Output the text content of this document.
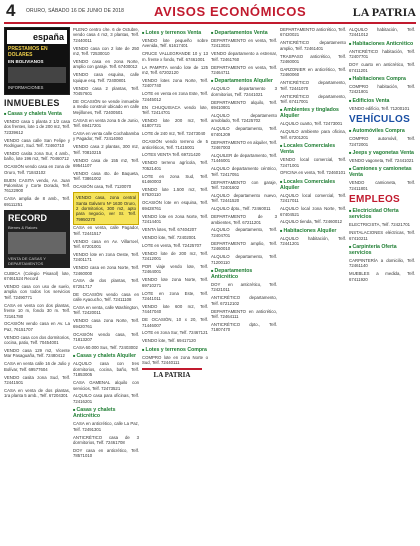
4 ORURO, SÁBADO 16 DE JUNIO DE 2018 AVISOS ECONÓMICOS	LA PATRIA
españa
PRESTAMOS EN DOLARES
EN BOLIVIANOS
INFORMACIONES
INMUEBLES
■ Casas y chalets Venta
VENDO casa 1 planta 2 1/2 casa dos frentes, lote 1 de 200 m2, Telf. 72339612
VENDO casa calle San Felipe y Rodriguez, Sud. Telf. 72460710
VENDO casita zona Sur, 4 amb., baño, lote 196 m2, Telf. 70460712
OCASIÓN vendo casa en zona de Oruro, Telf. 71843102
BUEN CASITA vendo, Av. Juan Palomitas y Corte Dorado, Telf. 76122900
CASA amplia de 8 amb., Telf. 69111251
RECORD
Bienes & Raices
VENTA DE CASAS Y DEPARTAMENTOS
CUBICA (Colegio Pisasol) lote, 67461524 Record
VENDO casa con uso de suelo, amplia con todos los servicios Telf. 72490771
CASA en venta con dos plantas, frente 10 m, fondo 30 m. Telf. 72161780
OCASIÓN vendo casa en Av. La Paz, 76151707
VENDO casa con dos dormitorios, cocina, patio, Telf. 70454001
VENDO casa 129 m2, Vicente Mar Pasaguaña, Telf. 72480412
CASA en venta calle 16 de Julio y Bolívar, Telf. 69577604
VENDO casita zona Sud, Telf. 72441501
CASA en venta de dos plantas, 1ra planta 5 amb., Telf. 67204301
PLENO centro c/Ie. 6 de Octubre, vendo casa 4 m2, 3 plantas, Telf. 72440011
VENDO casa con 2 lote de 250 m2, Telf. 72530010
VENDO casa en zona Norte, amplio con garaje. Telf. 67400012
VENDO casa esquina, calle Iquique esq. Telf. 72400801
VENDO casa 2 plantas, Telf. 70457601
DE OCASIÓN se vende inmueble a medio construir ubicado en calle Mejillones, Telf. 72400501
CASAS en venta zona 5 de Junio, Telf. 69417201
CASA en venta calle Cochabamba y Pagador, Telf. 72414060
VENDO casa 2 plantas, 300 m2, Telf. 70810215
VENDO casa de 155 m2, Telf. 69541107
VENDO casa 4to. de Baqueta, Telf. 73861002
OCASIÓN casa, Telf. 7120070
VENDO casa, zona central Santa Galvarro Nº 1630 Oruro, 2 dormitorios, 300 m2, apto para negocio, ver Sr. Telf. 79950270
CASA en venta, calle Pagador, Telf. 72441517
VENDO casa en Av. Villarroel, Telf. 67201001
VENDO lote en zona Oeste, Telf. 72401171
VENDO casa en zona Norte, Telf. 72460000
CASA de dos plantas, Telf. 67251717
DE OCASIÓN vendo casa en calle Ayacucho, Telf. 72411108
CASA en venta, calle Washington, Telf. 72420011
VENDO casa zona Norte, Telf. 69420761
OCASIÓN vendo casa, Telf. 71813207
CASA 60.000 Sus, Telf. 72403002
■ Casas y chalets Alquiler
ALQUILO casa con tres dormitorios, cocina, baño, Telf. 71853005
CASA GAMENAL alquilo con servicios, Telf. 72473521
ALQUILO casa para oficinas, Telf. 72416201
■ Casas y chalets Anticrético
CASA en anticrético, calle La Paz, Telf. 72491301
ANTICRÉTICO casa de 3 dormitorios, Telf. 72461708
DOY casa en anticrético, Telf. 78571010
■ Lotes y terrenos Venta
VENDO lote pequeño sobre Avenida, Telf. 61617401
CRUCE VALLEGRANDE 10 y 13 m. frente x fondo, Telf. 67461001
LA PAMPITA vendo lote de 125 m2, Telf. 67202120
VENDO lotes zona Norte, Telf. 72407740
LOTE en venta en zona Este, Telf. 72445012
EN CHUQUISACA vendo lote, Telf. 72414701
VENDO lote 200 m2, Telf. 61807721
LOTE de 240 m2, Telf. 72473040
OCASIÓN vendo terreno de 5 anticréticos, Telf. 71415001
LOTES VENTA Telf. 69721420
VENDO terreno agrícola, Telf. 70521401
LOTE en zona Sud, Telf. 61460003
VENDO lote 1.500 m2, Telf. 67520110
OCASIÓN lote en esquina, Telf. 69428761
VENDO lote en zona Norte, Telf. 72414401
VENTA lotes, Telf. 67404207
VENDO lote, Telf. 72402001
LOTE en venta, Telf. 72425707
VENDO lote de 200 m2, Telf. 72412001
POR viaje vendo lote, Telf. 72464001
VENDO lote zona Norte, Telf. 69710271
LOTE en zona Este, Telf. 72441011
VENDO lote 600 m2, Telf. 74447040
DE OCASIÓN, 10 x 20, Telf. 71446007
LOTE en zona Sur, Telf. 72467121
VENDO lote, Telf. 69417120
■ Lotes y terrenos Compra
COMPRO lote en zona Norte o Sud, Telf. 72440111
LA PATRIA
■ Departamentos Venta
DEPARTAMENTO en venta, Telf. 72413021
VENDO departamento a estrenar, Telf. 72461760
DEPARTAMENTO en venta, Telf. 72464711
■ Departamentos Alquiler
ALQUILO departamento 3 dormitorios, Telf. 72441021
DEPARTAMENTO alquilo, Telf. 69410801
ALQUILO departamento amoblado, Telf. 72425702
ALQUILO departamento, Telf. 67401209
DEPARTAMENTO en alquiler, Telf. 72467003
ALQUILER de departamento, Telf. 71446001
ALQUILO departamento céntrico, Telf. 72417051
DEPARTAMENTO con garaje, Telf. 72401602
ALQUILO departamento nuevo, Telf. 72441520
ALQUILO dpto., Telf. 72460011
DEPARTAMENTO de 3 ambientes, Telf. 67211201
ALQUILO departamento, Telf. 72404701
DEPARTAMENTO amplio, Telf. 72460010
ALQUILO departamento, Telf. 71200110
■ Departamentos Anticrético
DOY en anticrético, Telf. 72421011
ANTICRÉTICO departamento, Telf. 67212102
DEPARTAMENTO en anticrético, Telf. 72464111
ANTICRÉTICO dpto., Telf. 71807470
DEPARTAMENTO anticrético, Telf. 67420021
ANTICRÉTICO departamento amplio, Telf. 72461401
TRASPASO anticrético, Telf. 72460001
GARZONIER en anticrético, Telf. 72460060
ANTICRÉTICO departamento, Telf. 72441070
ANTICRÉTICO departamento, Telf. 67417001
■ Ambientes y tinglados Alquiler
ALQUILO cuarto, Telf. 72473001
ALQUILO ambiente para oficina, Telf. 67201201
■ Locales Comerciales Venta
VENDO local comercial, Telf. 72471001
OFICINA en venta, Telf. 72460101
■ Locales Comerciales Alquiler
ALQUILO local comercial, Telf. 72417011
ALQUILO local zona Norte, Telf. 67404521
ALQUILO tienda, Telf. 72460012
■ Habitaciones Alquiler
ALQUILO habitación, Telf. 72441201
ALQUILO habitación, Telf. 72441012
■ Habitaciones Anticrético
ANTICRÉTICO habitación, Telf. 72407701
DOY cuarto en anticrético, Telf. 67411201
■ Habitaciones Compra
COMPRO habitación, Telf. 72421801
■ Edificios Venta
VENDO edificio, Telf. 71200101
VEHÍCULOS
■ Automóviles Compra
COMPRO automóvil, Telf. 72472001
■ Jeeps y vagonetas Venta
VENDO vagoneta, Telf. 72441021
■ Camiones y camionetas Venta
VENDO camioneta, Telf. 72411801
EMPLEOS
■ Electricidad Oferta servicios
ELECTRICISTA, Telf. 72421701
INSTALACIONES eléctricas, Telf. 67410211
■ Carpintería Oferta servicios
CARPINTERÍA a domicilio, Telf. 72461140
MUEBLES a medida, Telf. 67411920
